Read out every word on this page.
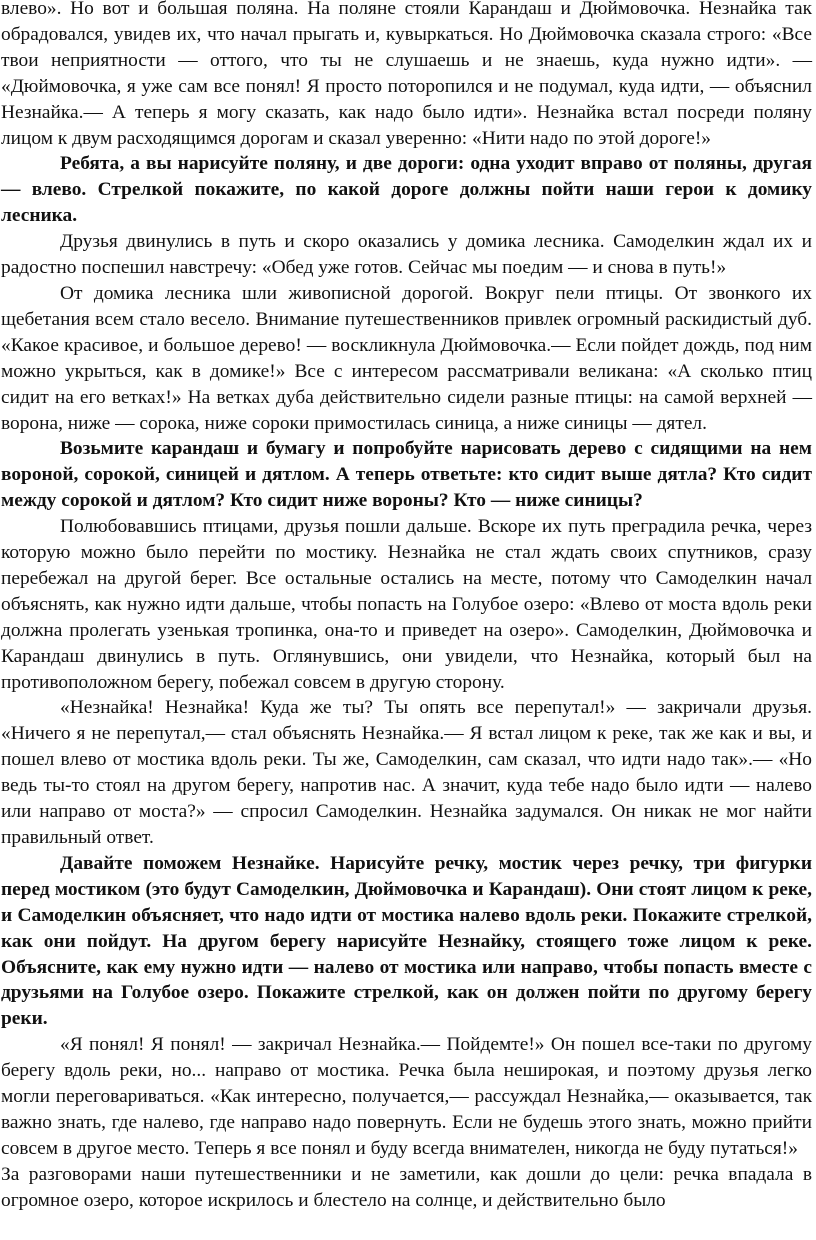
влево». Но вот и большая поляна. На поляне стояли Карандаш и Дюймовочка. Незнайка так обрадовался, увидев их, что начал прыгать и, кувыркаться. Но Дюймовочка сказала строго: «Все твои неприятности — оттого, что ты не слушаешь и не знаешь, куда нужно идти». — «Дюймовочка, я уже сам все понял! Я просто поторопился и не подумал, куда идти, — объяснил Незнайка.— А теперь я могу сказать, как надо было идти». Незнайка встал посреди поляну лицом к двум расходящимся дорогам и сказал уверенно: «Нити надо по этой дороге!»

Ребята, а вы нарисуйте поляну, и две дороги: одна уходит вправо от поляны, другая — влево. Стрелкой покажите, по какой дороге должны пойти наши герои к домику лесника.

Друзья двинулись в путь и скоро оказались у домика лесника. Самоделкин ждал их и радостно поспешил навстречу: «Обед уже готов. Сейчас мы поедим — и снова в путь!»

От домика лесника шли живописной дорогой. Вокруг пели птицы. От звонкого их щебетания всем стало весело. Внимание путешественников привлек огромный раскидистый дуб. «Какое красивое, и большое дерево! — воскликнула Дюймовочка.— Если пойдет дождь, под ним можно укрыться, как в домике!» Все с интересом рассматривали великана: «А сколько птиц сидит на его ветках!» На ветках дуба действительно сидели разные птицы: на самой верхней — ворона, ниже — сорока, ниже сороки примостилась синица, а ниже синицы — дятел.

Возьмите карандаш и бумагу и попробуйте нарисовать дерево с сидящими на нем вороной, сорокой, синицей и дятлом. А теперь ответьте: кто сидит выше дятла? Кто сидит между сорокой и дятлом? Кто сидит ниже вороны? Кто — ниже синицы?

Полюбовавшись птицами, друзья пошли дальше. Вскоре их путь преградила речка, через которую можно было перейти по мостику. Незнайка не стал ждать своих спутников, сразу перебежал на другой берег. Все остальные остались на месте, потому что Самоделкин начал объяснять, как нужно идти дальше, чтобы попасть на Голубое озеро: «Влево от моста вдоль реки должна пролегать узенькая тропинка, она-то и приведет на озеро». Самоделкин, Дюймовочка и Карандаш двинулись в путь. Оглянувшись, они увидели, что Незнайка, который был на противоположном берегу, побежал совсем в другую сторону.

«Незнайка! Незнайка! Куда же ты? Ты опять все перепутал!» — закричали друзья. «Ничего я не перепутал,— стал объяснять Незнайка.— Я встал лицом к реке, так же как и вы, и пошел влево от мостика вдоль реки. Ты же, Самоделкин, сам сказал, что идти надо так».— «Но ведь ты-то стоял на другом берегу, напротив нас. А значит, куда тебе надо было идти — налево или направо от моста?» — спросил Самоделкин. Незнайка задумался. Он никак не мог найти правильный ответ.

Давайте поможем Незнайке. Нарисуйте речку, мостик через речку, три фигурки перед мостиком (это будут Самоделкин, Дюймовочка и Карандаш). Они стоят лицом к реке, и Самоделкин объясняет, что надо идти от мостика налево вдоль реки. Покажите стрелкой, как они пойдут. На другом берегу нарисуйте Незнайку, стоящего тоже лицом к реке. Объясните, как ему нужно идти — налево от мостика или направо, чтобы попасть вместе с друзьями на Голубое озеро. Покажите стрелкой, как он должен пойти по другому берегу реки.

«Я понял! Я понял! — закричал Незнайка.— Пойдемте!» Он пошел все-таки по другому берегу вдоль реки, но... направо от мостика. Речка была неширокая, и поэтому друзья легко могли переговариваться. «Как интересно, получается,— рассуждал Незнайка,— оказывается, так важно знать, где налево, где направо надо повернуть. Если не будешь этого знать, можно прийти совсем в другое место. Теперь я все понял и буду всегда внимателен, никогда не буду путаться!»

За разговорами наши путешественники и не заметили, как дошли до цели: речка впадала в огромное озеро, которое искрилось и блестело на солнце, и действительно было
